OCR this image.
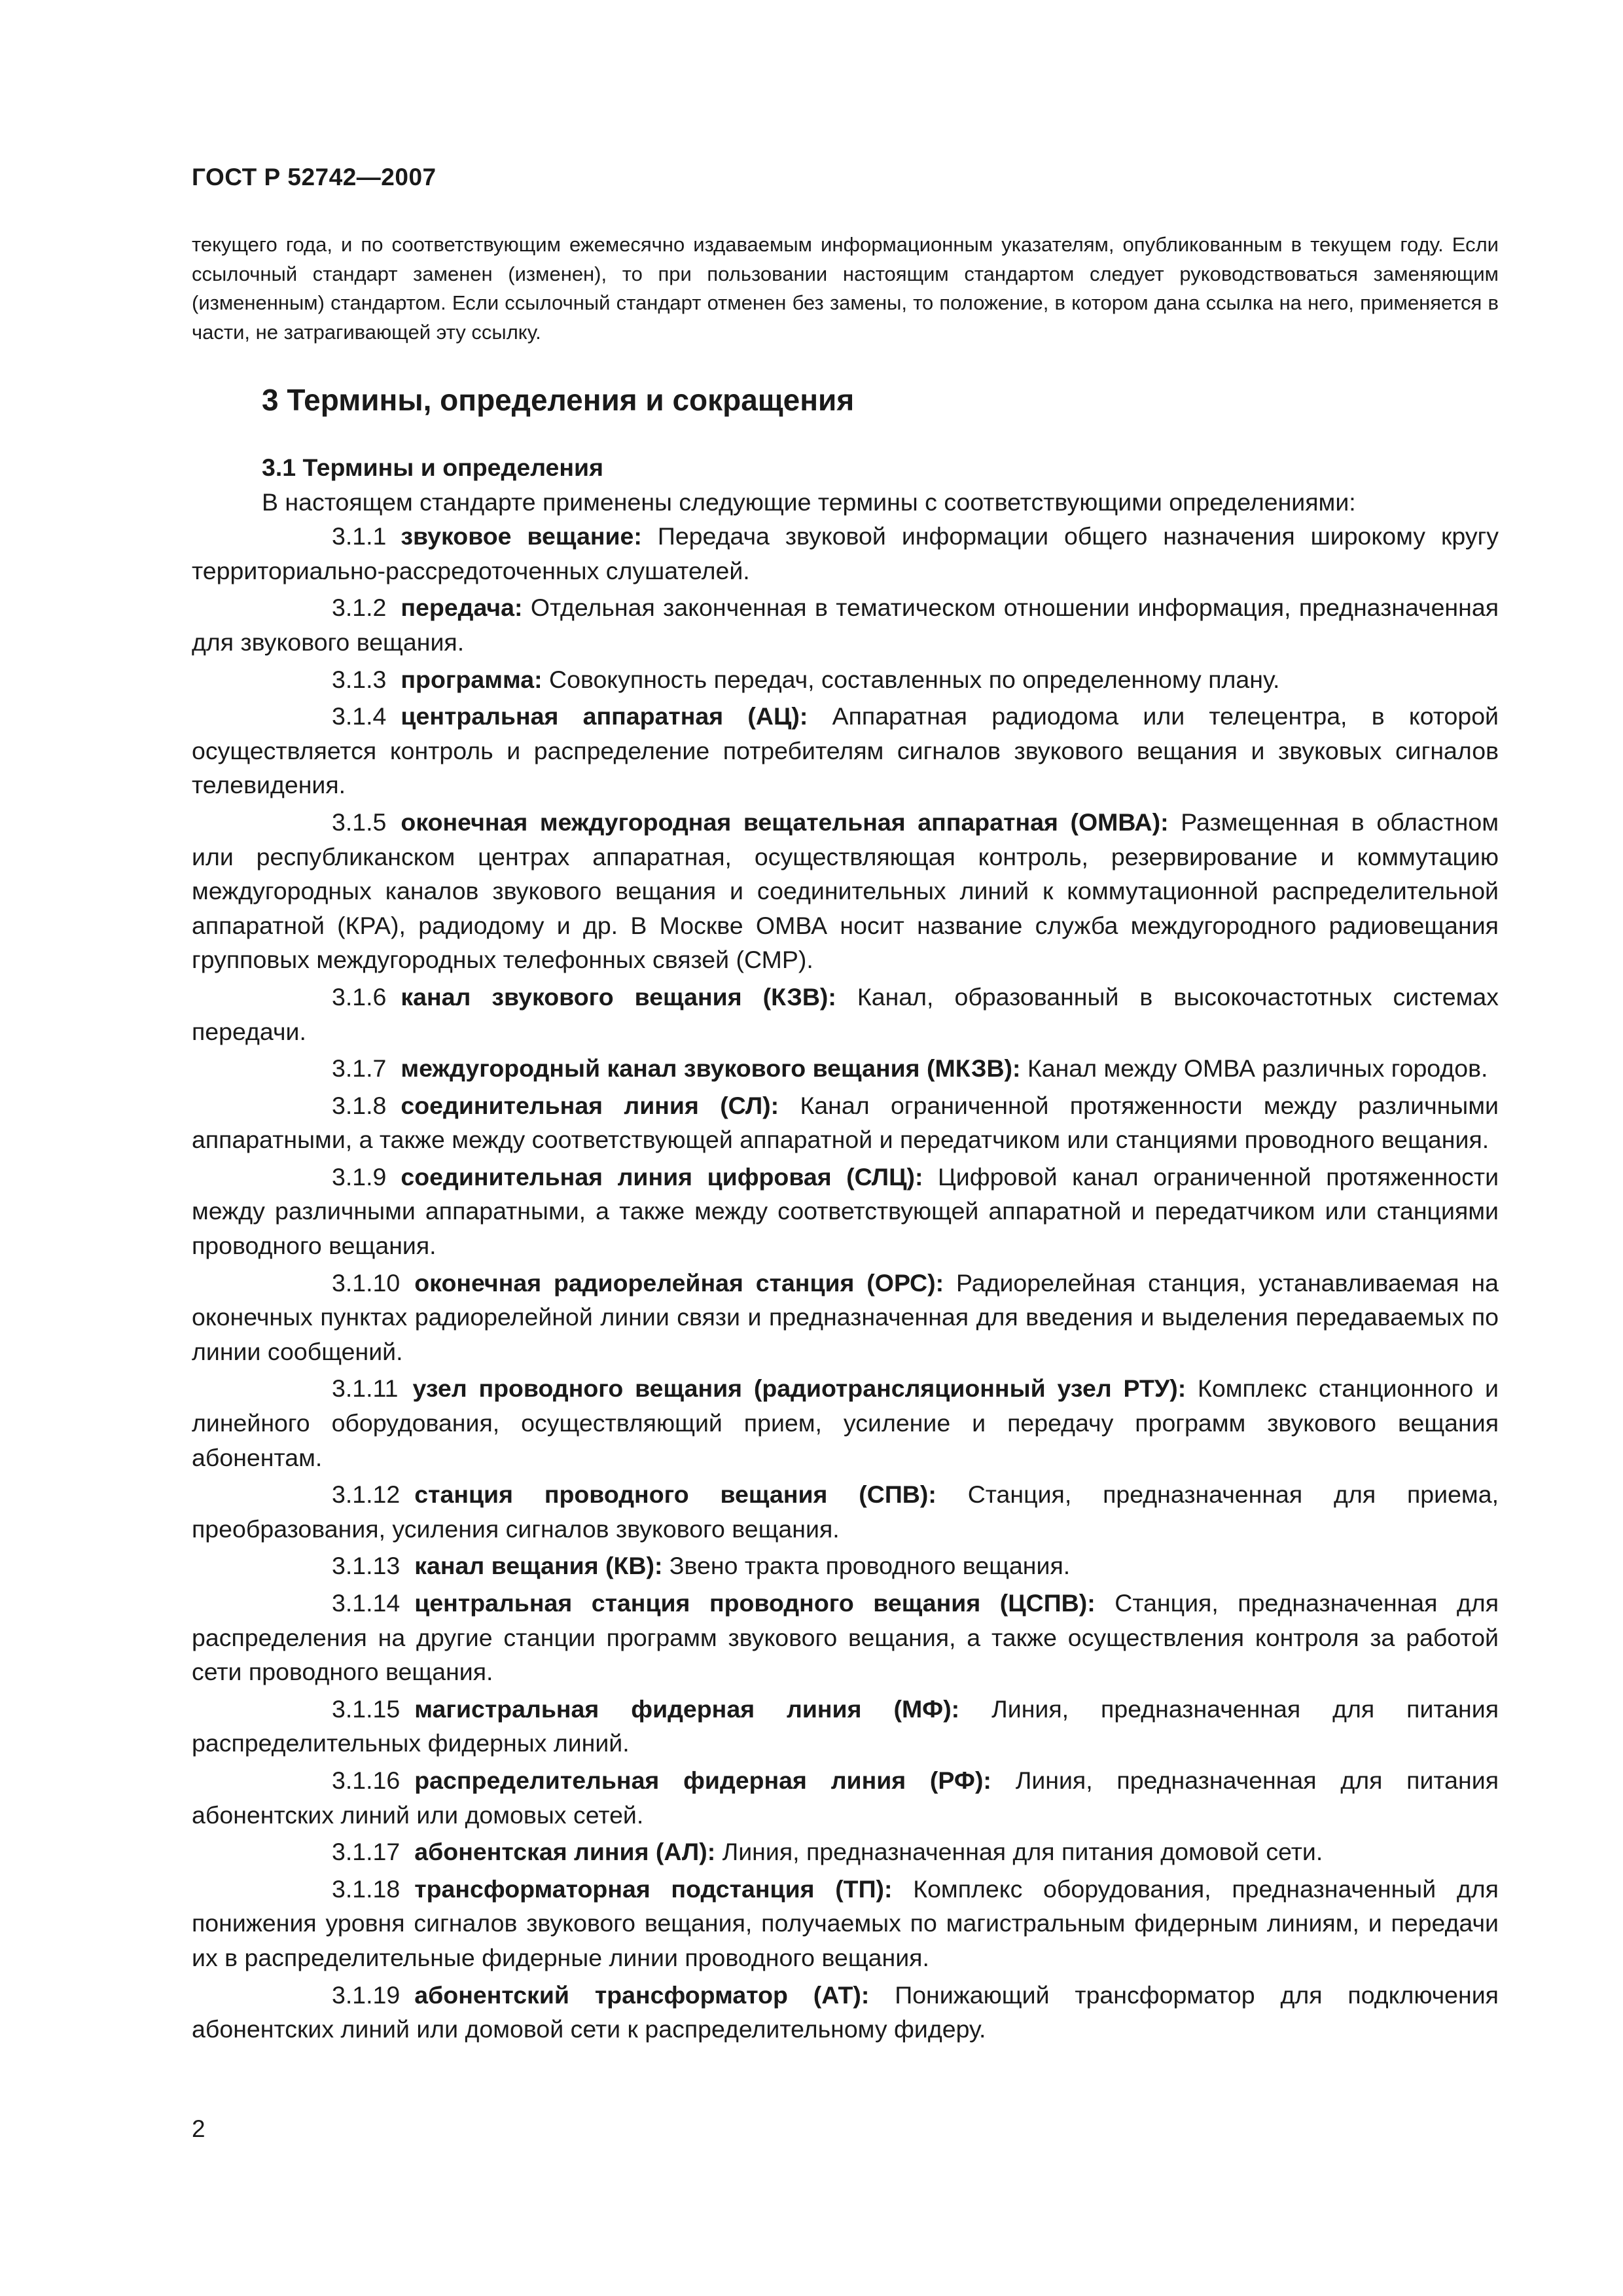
ГОСТ Р 52742—2007
текущего года, и по соответствующим ежемесячно издаваемым информационным указателям, опубликованным в текущем году. Если ссылочный стандарт заменен (изменен), то при пользовании настоящим стандартом следует руководствоваться заменяющим (измененным) стандартом. Если ссылочный стандарт отменен без замены, то положение, в котором дана ссылка на него, применяется в части, не затрагивающей эту ссылку.
3 Термины, определения и сокращения

3.1 Термины и определения

В настоящем стандарте применены следующие термины с соответствующими определениями:

3.1.1 звуковое вещание: Передача звуковой информации общего назначения широкому кругу территориально-рассредоточенных слушателей.

3.1.2 передача: Отдельная законченная в тематическом отношении информация, предназначенная для звукового вещания.

3.1.3 программа: Совокупность передач, составленных по определенному плану.

3.1.4 центральная аппаратная (АЦ): Аппаратная радиодома или телецентра, в которой осуществляется контроль и распределение потребителям сигналов звукового вещания и звуковых сигналов телевидения.

3.1.5 оконечная междугородная вещательная аппаратная (ОМВА): Размещенная в областном или республиканском центрах аппаратная, осуществляющая контроль, резервирование и коммутацию междугородных каналов звукового вещания и соединительных линий к коммутационной распределительной аппаратной (КРА), радиодому и др. В Москве ОМВА носит название служба междугородного радиовещания групповых междугородных телефонных связей (СМР).

3.1.6 канал звукового вещания (КЗВ): Канал, образованный в высокочастотных системах передачи.

3.1.7 междугородный канал звукового вещания (МКЗВ): Канал между ОМВА различных городов.

3.1.8 соединительная линия (СЛ): Канал ограниченной протяженности между различными аппаратными, а также между соответствующей аппаратной и передатчиком или станциями проводного вещания.

3.1.9 соединительная линия цифровая (СЛЦ): Цифровой канал ограниченной протяженности между различными аппаратными, а также между соответствующей аппаратной и передатчиком или станциями проводного вещания.

3.1.10 оконечная радиорелейная станция (ОРС): Радиорелейная станция, устанавливаемая на оконечных пунктах радиорелейной линии связи и предназначенная для введения и выделения передаваемых по линии сообщений.

3.1.11 узел проводного вещания (радиотрансляционный узел РТУ): Комплекс станционного и линейного оборудования, осуществляющий прием, усиление и передачу программ звукового вещания абонентам.

3.1.12 станция проводного вещания (СПВ): Станция, предназначенная для приема, преобразования, усиления сигналов звукового вещания.

3.1.13 канал вещания (КВ): Звено тракта проводного вещания.

3.1.14 центральная станция проводного вещания (ЦСПВ): Станция, предназначенная для распределения на другие станции программ звукового вещания, а также осуществления контроля за работой сети проводного вещания.

3.1.15 магистральная фидерная линия (МФ): Линия, предназначенная для питания распределительных фидерных линий.

3.1.16 распределительная фидерная линия (РФ): Линия, предназначенная для питания абонентских линий или домовых сетей.

3.1.17 абонентская линия (АЛ): Линия, предназначенная для питания домовой сети.

3.1.18 трансформаторная подстанция (ТП): Комплекс оборудования, предназначенный для понижения уровня сигналов звукового вещания, получаемых по магистральным фидерным линиям, и передачи их в распределительные фидерные линии проводного вещания.

3.1.19 абонентский трансформатор (АТ): Понижающий трансформатор для подключения абонентских линий или домовой сети к распределительному фидеру.

2
